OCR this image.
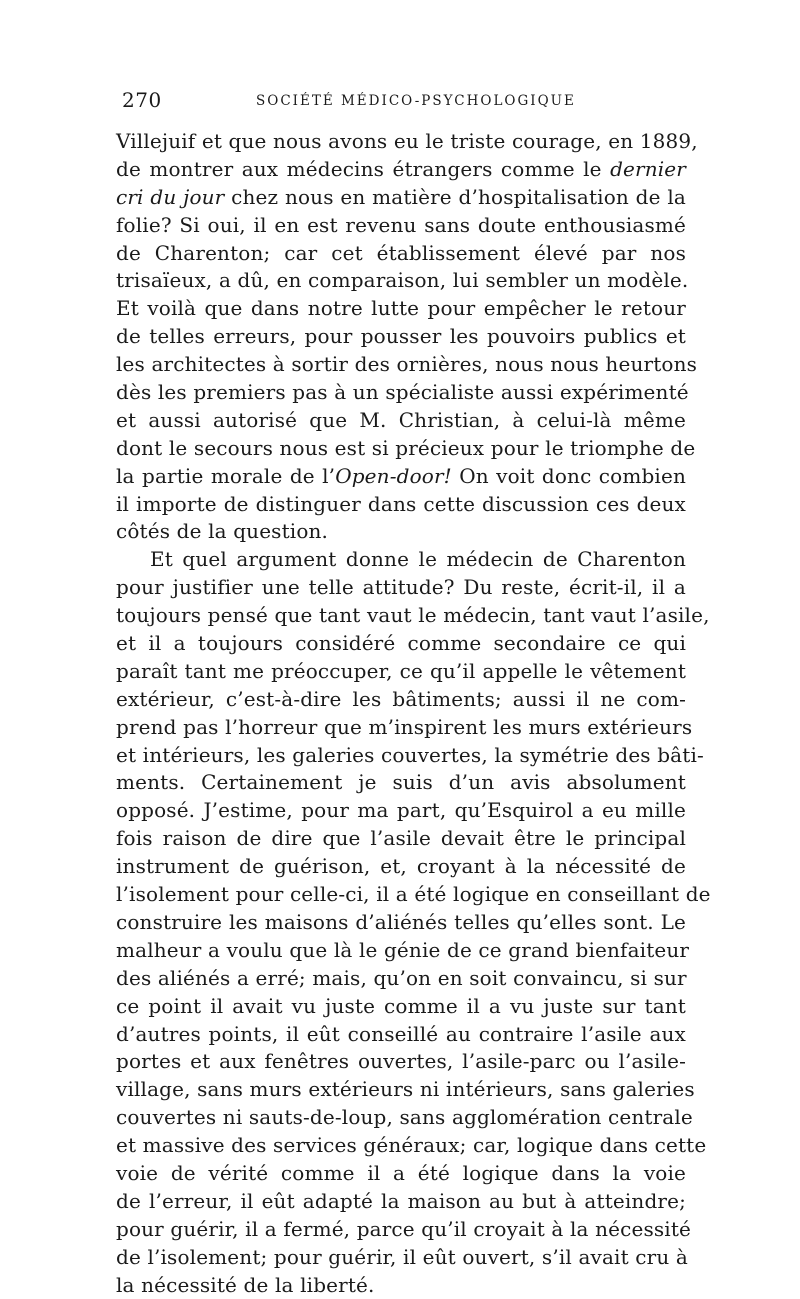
270	SOCIÉTÉ MÉDICO-PSYCHOLOGIQUE
Villejuif et que nous avons eu le triste courage, en 1889,
de montrer aux médecins étrangers comme le dernier
cri du jour chez nous en matière d’hospitalisation de la
folie? Si oui, il en est revenu sans doute enthousiasmé
de Charenton; car cet établissement élevé par nos
trisaïeux, a dû, en comparaison, lui sembler un modèle.
Et voilà que dans notre lutte pour empêcher le retour
de telles erreurs, pour pousser les pouvoirs publics et
les architectes à sortir des ornières, nous nous heurtons
dès les premiers pas à un spécialiste aussi expérimenté
et aussi autorisé que M. Christian, à celui-là même
dont le secours nous est si précieux pour le triomphe de
la partie morale de l’Open-door! On voit donc combien
il importe de distinguer dans cette discussion ces deux
côtés de la question.
Et quel argument donne le médecin de Charenton
pour justifier une telle attitude? Du reste, écrit-il, il a
toujours pensé que tant vaut le médecin, tant vaut l’asile,
et il a toujours considéré comme secondaire ce qui
paraît tant me préoccuper, ce qu’il appelle le vêtement
extérieur, c’est-à-dire les bâtiments; aussi il ne com-
prend pas l’horreur que m’inspirent les murs extérieurs
et intérieurs, les galeries couvertes, la symétrie des bâti-
ments. Certainement je suis d’un avis absolument
opposé. J’estime, pour ma part, qu’Esquirol a eu mille
fois raison de dire que l’asile devait être le principal
instrument de guérison, et, croyant à la nécessité de
l’isolement pour celle-ci, il a été logique en conseillant de
construire les maisons d’aliénés telles qu’elles sont. Le
malheur a voulu que là le génie de ce grand bienfaiteur
des aliénés a erré; mais, qu’on en soit convaincu, si sur
ce point il avait vu juste comme il a vu juste sur tant
d’autres points, il eût conseillé au contraire l’asile aux
portes et aux fenêtres ouvertes, l’asile-parc ou l’asile-
village, sans murs extérieurs ni intérieurs, sans galeries
couvertes ni sauts-de-loup, sans agglomération centrale
et massive des services généraux; car, logique dans cette
voie de vérité comme il a été logique dans la voie
de l’erreur, il eût adapté la maison au but à atteindre;
pour guérir, il a fermé, parce qu’il croyait à la nécessité
de l’isolement; pour guérir, il eût ouvert, s’il avait cru à
la nécessité de la liberté.
